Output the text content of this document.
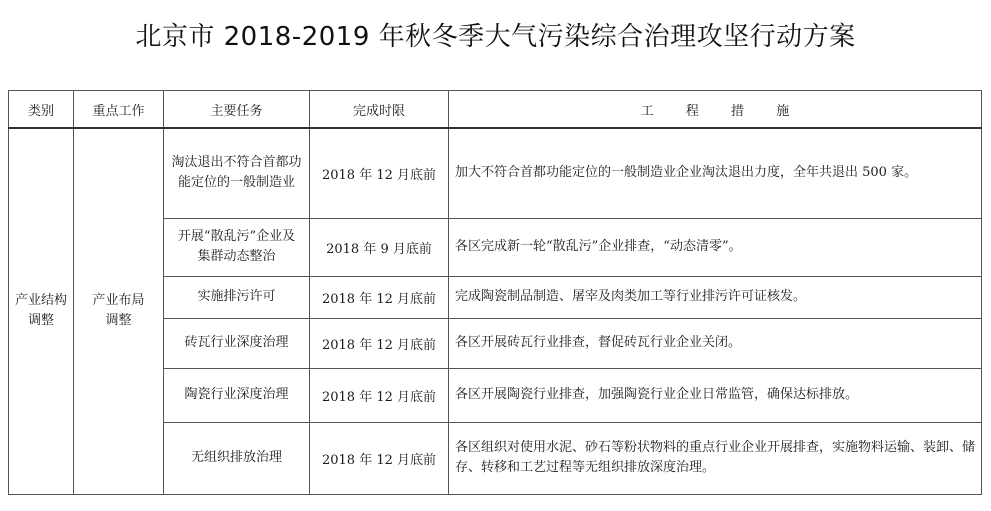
北京市 2018-2019 年秋冬季大气污染综合治理攻坚行动方案
类别	重点工作	主要任务	完成时限	工 程 措 施
产业结构调整	产业布局调整	淘汰退出不符合首都功能定位的一般制造业	2018 年 12 月底前	加大不符合首都功能定位的一般制造业企业淘汰退出力度，全年共退出 500 家。
		开展“散乱污”企业及集群动态整治	2018 年 9 月底前	各区完成新一轮“散乱污”企业排查，“动态清零”。
		实施排污许可	2018 年 12 月底前	完成陶瓷制品制造、屠宰及肉类加工等行业排污许可证核发。
		砖瓦行业深度治理	2018 年 12 月底前	各区开展砖瓦行业排查，督促砖瓦行业企业关闭。
		陶瓷行业深度治理	2018 年 12 月底前	各区开展陶瓷行业排查，加强陶瓷行业企业日常监管，确保达标排放。
		无组织排放治理	2018 年 12 月底前	各区组织对使用水泥、砂石等粉状物料的重点行业企业开展排查，实施物料运输、装卸、储存、转移和工艺过程等无组织排放深度治理。
